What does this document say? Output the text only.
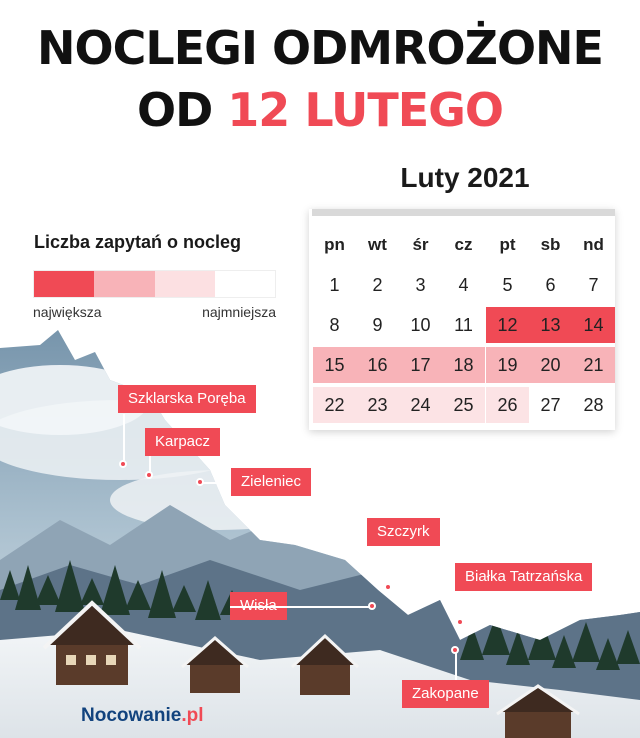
NOCLEGI ODMROŻONE
OD 12 LUTEGO
Liczba zapytań o nocleg
największa	najmniejsza
Luty 2021
pn	wt	śr	cz	pt	sb	nd
1	2	3	4	5	6	7
8	9	10	11	12	13	14
15	16	17	18	19	20	21
22	23	24	25	26	27	28
Szklarska Poręba
Karpacz
Zieleniec
Szczyrk
Białka Tatrzańska
Zakopane
Nocowanie.pl
